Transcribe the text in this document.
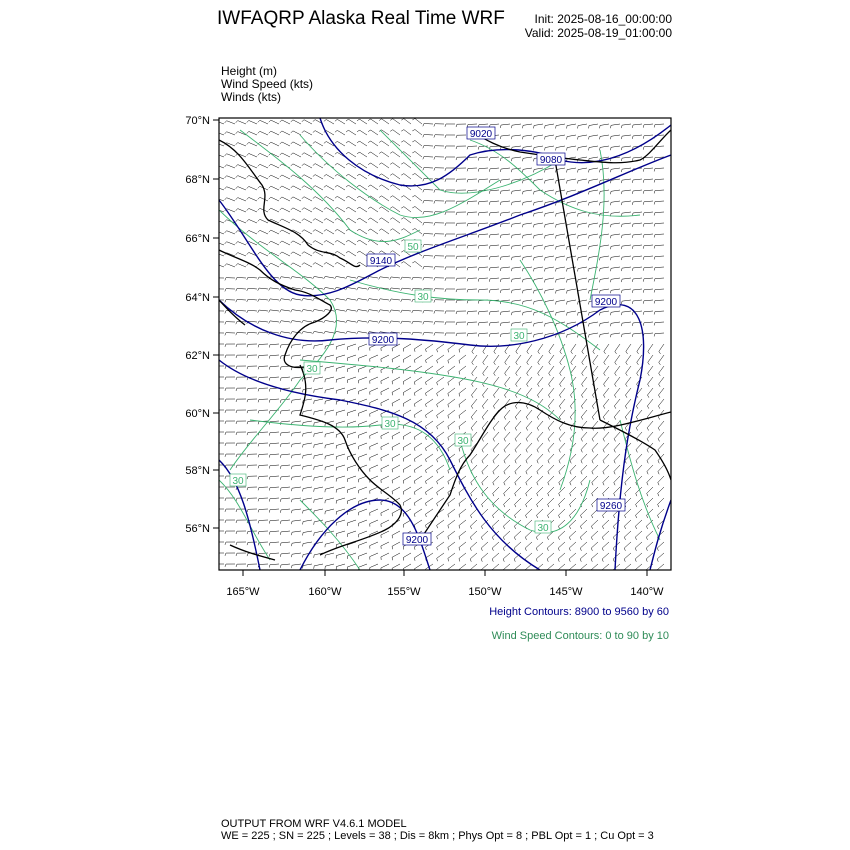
IWFAQRP Alaska Real Time WRF Init: 2025-08-16_00:00:00
Valid: 2025-08-19_01:00:00
Height (m)
Wind Speed (kts)
Winds (kts)
70°N
68°N
66°N
64°N
62°N
60°N
58°N
56°N
165°W	160°W	155°W	150°W	145°W	140°W
9020
9080
9140
9200
9200
9200
9260
50
30
30
30
30
30
30
30
Height Contours: 8900 to 9560 by 60
Wind Speed Contours: 0 to 90 by 10
OUTPUT FROM WRF V4.6.1 MODEL
WE = 225 ; SN = 225 ; Levels = 38 ; Dis = 8km ; Phys Opt = 8 ; PBL Opt = 1 ; Cu Opt = 3
